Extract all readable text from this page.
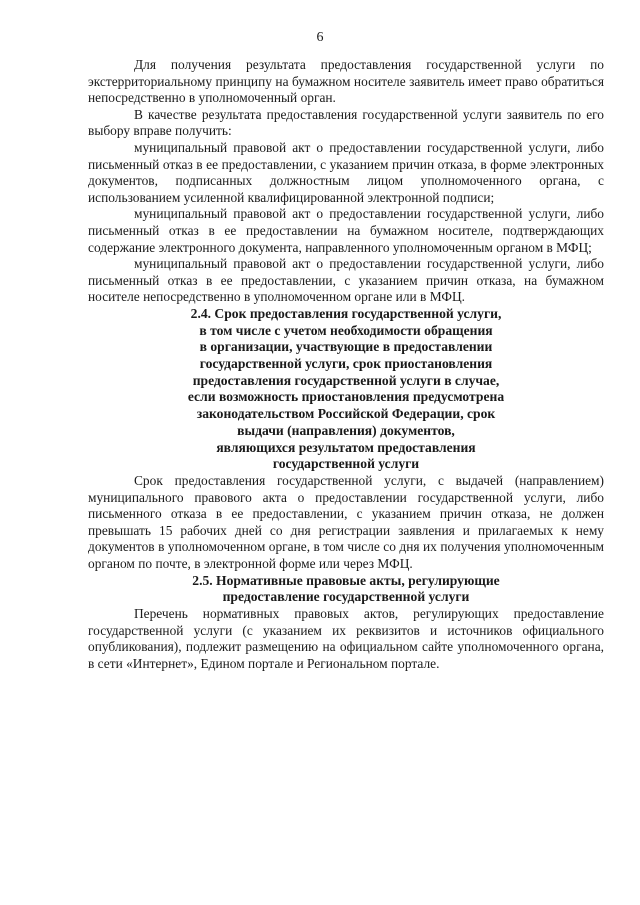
6

Для получения результата предоставления государственной услуги по экстерриториальному принципу на бумажном носителе заявитель имеет право обратиться непосредственно в уполномоченный орган.

В качестве результата предоставления государственной услуги заявитель по его выбору вправе получить:

муниципальный правовой акт о предоставлении государственной услуги, либо письменный отказ в ее предоставлении, с указанием причин отказа, в форме электронных документов, подписанных должностным лицом уполномоченного органа, с использованием усиленной квалифицированной электронной подписи;

муниципальный правовой акт о предоставлении государственной услуги, либо письменный отказ в ее предоставлении на бумажном носителе, подтверждающих содержание электронного документа, направленного уполномоченным органом в МФЦ;

муниципальный правовой акт о предоставлении государственной услуги, либо письменный отказ в ее предоставлении, с указанием причин отказа, на бумажном носителе непосредственно в уполномоченном органе или в МФЦ.

2.4. Срок предоставления государственной услуги,
в том числе с учетом необходимости обращения
в организации, участвующие в предоставлении
государственной услуги, срок приостановления
предоставления государственной услуги в случае,
если возможность приостановления предусмотрена
законодательством Российской Федерации, срок
выдачи (направления) документов,
являющихся результатом предоставления
государственной услуги

Срок предоставления государственной услуги, с выдачей (направлением) муниципального правового акта о предоставлении государственной услуги, либо письменного отказа в ее предоставлении, с указанием причин отказа, не должен превышать 15 рабочих дней со дня регистрации заявления и прилагаемых к нему документов в уполномоченном органе, в том числе со дня их получения уполномоченным органом по почте, в электронной форме или через МФЦ.

2.5. Нормативные правовые акты, регулирующие
предоставление государственной услуги

Перечень нормативных правовых актов, регулирующих предоставление государственной услуги (с указанием их реквизитов и источников официального опубликования), подлежит размещению на официальном сайте уполномоченного органа, в сети «Интернет», Едином портале и Региональном портале.
